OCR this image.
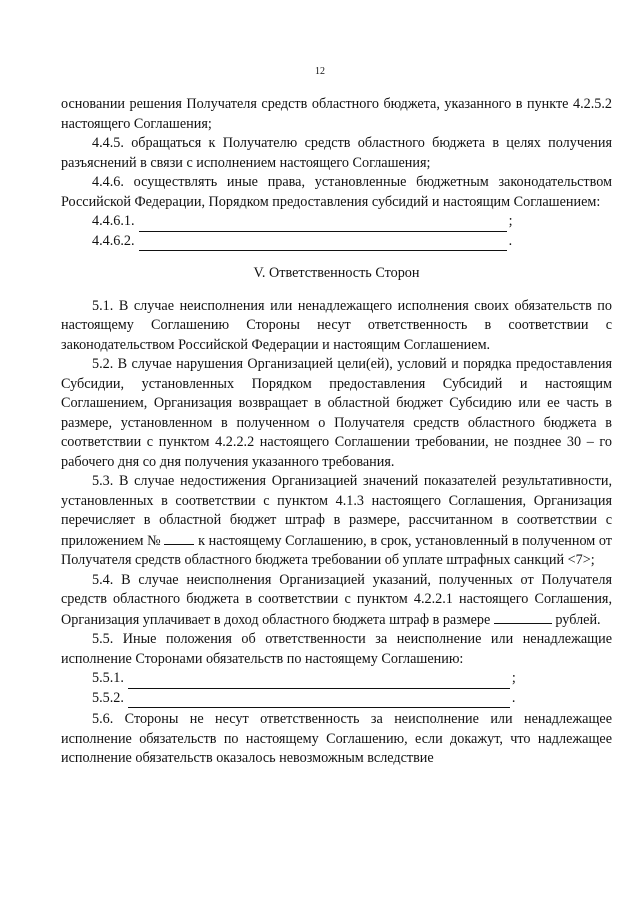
12

основании решения Получателя средств областного бюджета, указанного в пункте 4.2.5.2 настоящего Соглашения;

4.4.5. обращаться к Получателю средств областного бюджета в целях получения разъяснений в связи с исполнением настоящего Соглашения;

4.4.6. осуществлять иные права, установленные бюджетным законодательством Российской Федерации, Порядком предоставления субсидий и настоящим Соглашением:

4.4.6.1.	;
4.4.6.2.	.
V. Ответственность Сторон

5.1. В случае неисполнения или ненадлежащего исполнения своих обязательств по настоящему Соглашению Стороны несут ответственность в соответствии с законодательством Российской Федерации и настоящим Соглашением.

5.2. В случае нарушения Организацией цели(ей), условий и порядка предоставления Субсидии, установленных Порядком предоставления Субсидий и настоящим Соглашением, Организация возвращает в областной бюджет Субсидию или ее часть в размере, установленном в полученном о Получателя средств областного бюджета в соответствии с пунктом 4.2.2.2 настоящего Соглашении требовании, не позднее 30 – го рабочего дня со дня получения указанного требования.

5.3. В случае недостижения Организацией значений показателей результативности, установленных в соответствии с пунктом 4.1.3 настоящего Соглашения, Организация перечисляет в областной бюджет штраф в размере, рассчитанном в соответствии с приложением №	к настоящему Соглашению, в срок, установленный в полученном от Получателя средств областного бюджета требовании об уплате штрафных санкций <7>;

5.4. В случае неисполнения Организацией указаний, полученных от Получателя средств областного бюджета в соответствии с пунктом 4.2.2.1 настоящего Соглашения, Организация уплачивает в доход областного бюджета штраф в размере	рублей.

5.5. Иные положения об ответственности за неисполнение или ненадлежащие исполнение Сторонами обязательств по настоящему Соглашению:

5.5.1.	;
5.5.2.	.

5.6. Стороны не несут ответственность за неисполнение или ненадлежащее исполнение обязательств по настоящему Соглашению, если докажут, что надлежащее исполнение обязательств оказалось невозможным вследствие
